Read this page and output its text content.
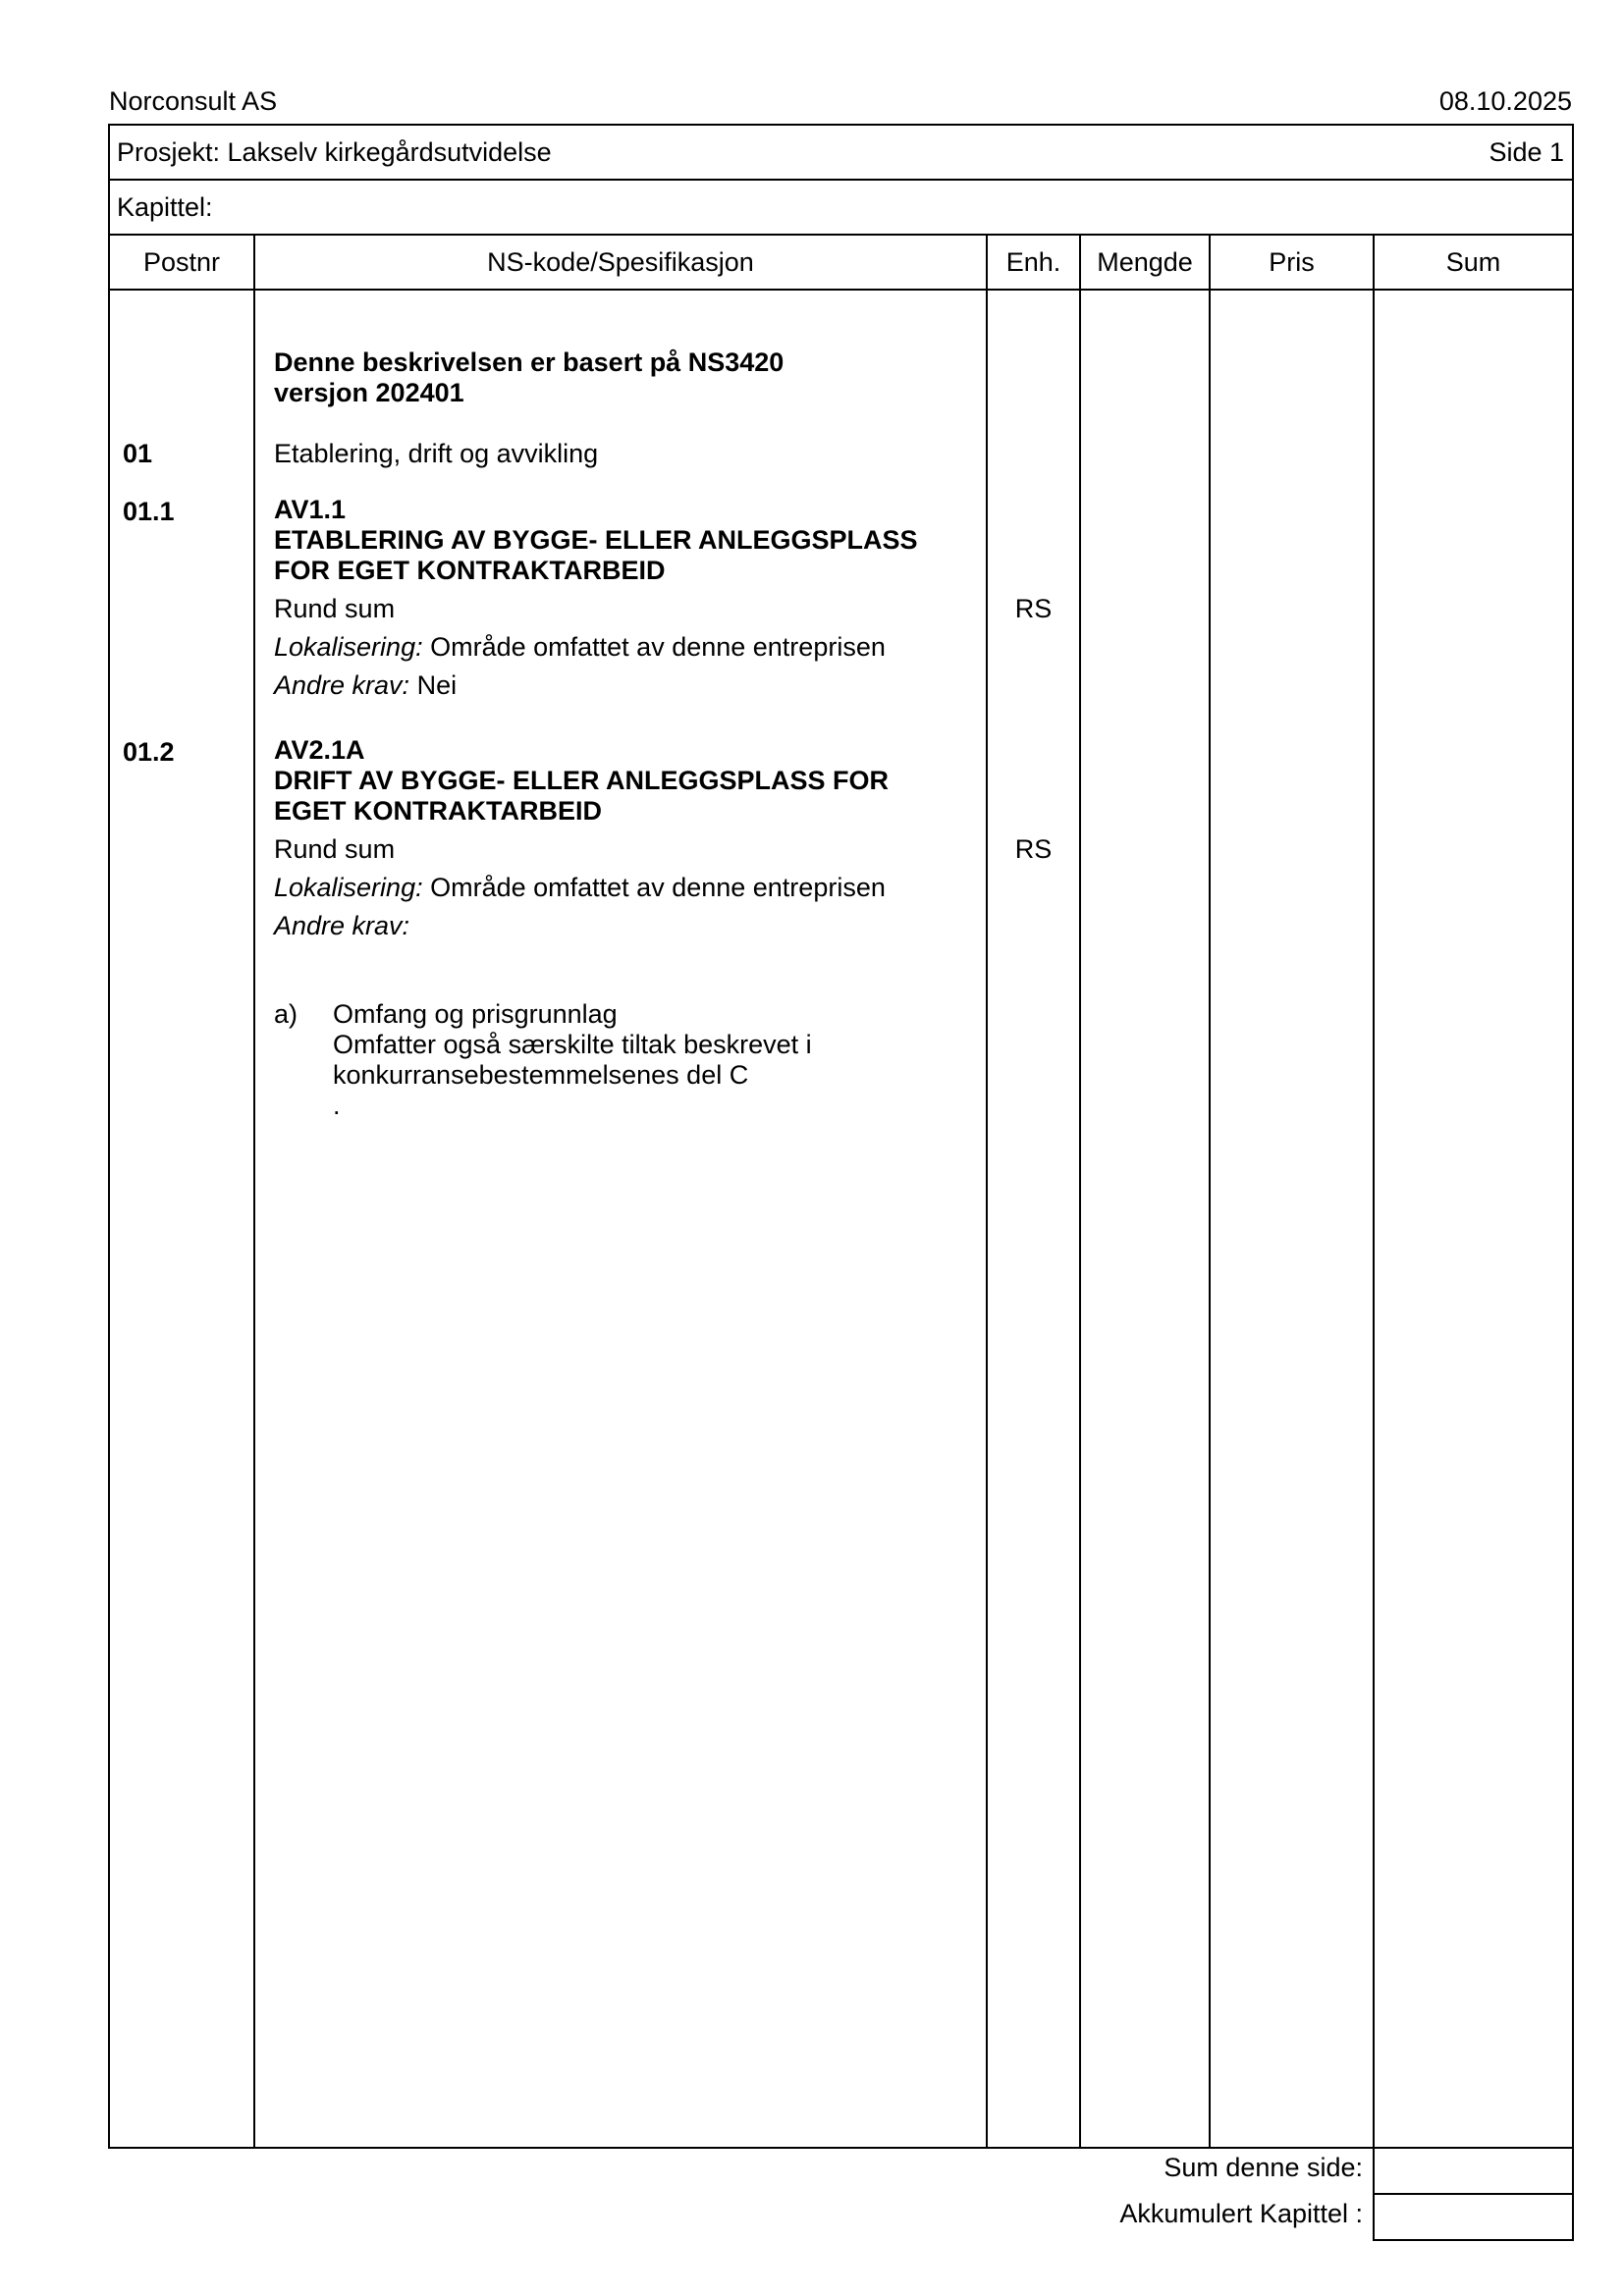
Norconsult AS	08.10.2025
Prosjekt: Lakselv kirkegårdsutvidelse	Side 1
Kapittel:
Postnr	NS-kode/Spesifikasjon	Enh.	Mengde	Pris	Sum
Denne beskrivelsen er basert på NS3420
versjon 202401
01	Etablering, drift og avvikling
01.1	AV1.1
ETABLERING AV BYGGE- ELLER ANLEGGSPLASS
FOR EGET KONTRAKTARBEID
Rund sum	RS
Lokalisering: Område omfattet av denne entreprisen
Andre krav: Nei
01.2	AV2.1A
DRIFT AV BYGGE- ELLER ANLEGGSPLASS FOR
EGET KONTRAKTARBEID
Rund sum	RS
Lokalisering: Område omfattet av denne entreprisen
Andre krav:
a) Omfang og prisgrunnlag
Omfatter også særskilte tiltak beskrevet i
konkurransebestemmelsenes del C
.
Sum denne side:
Akkumulert Kapittel :
